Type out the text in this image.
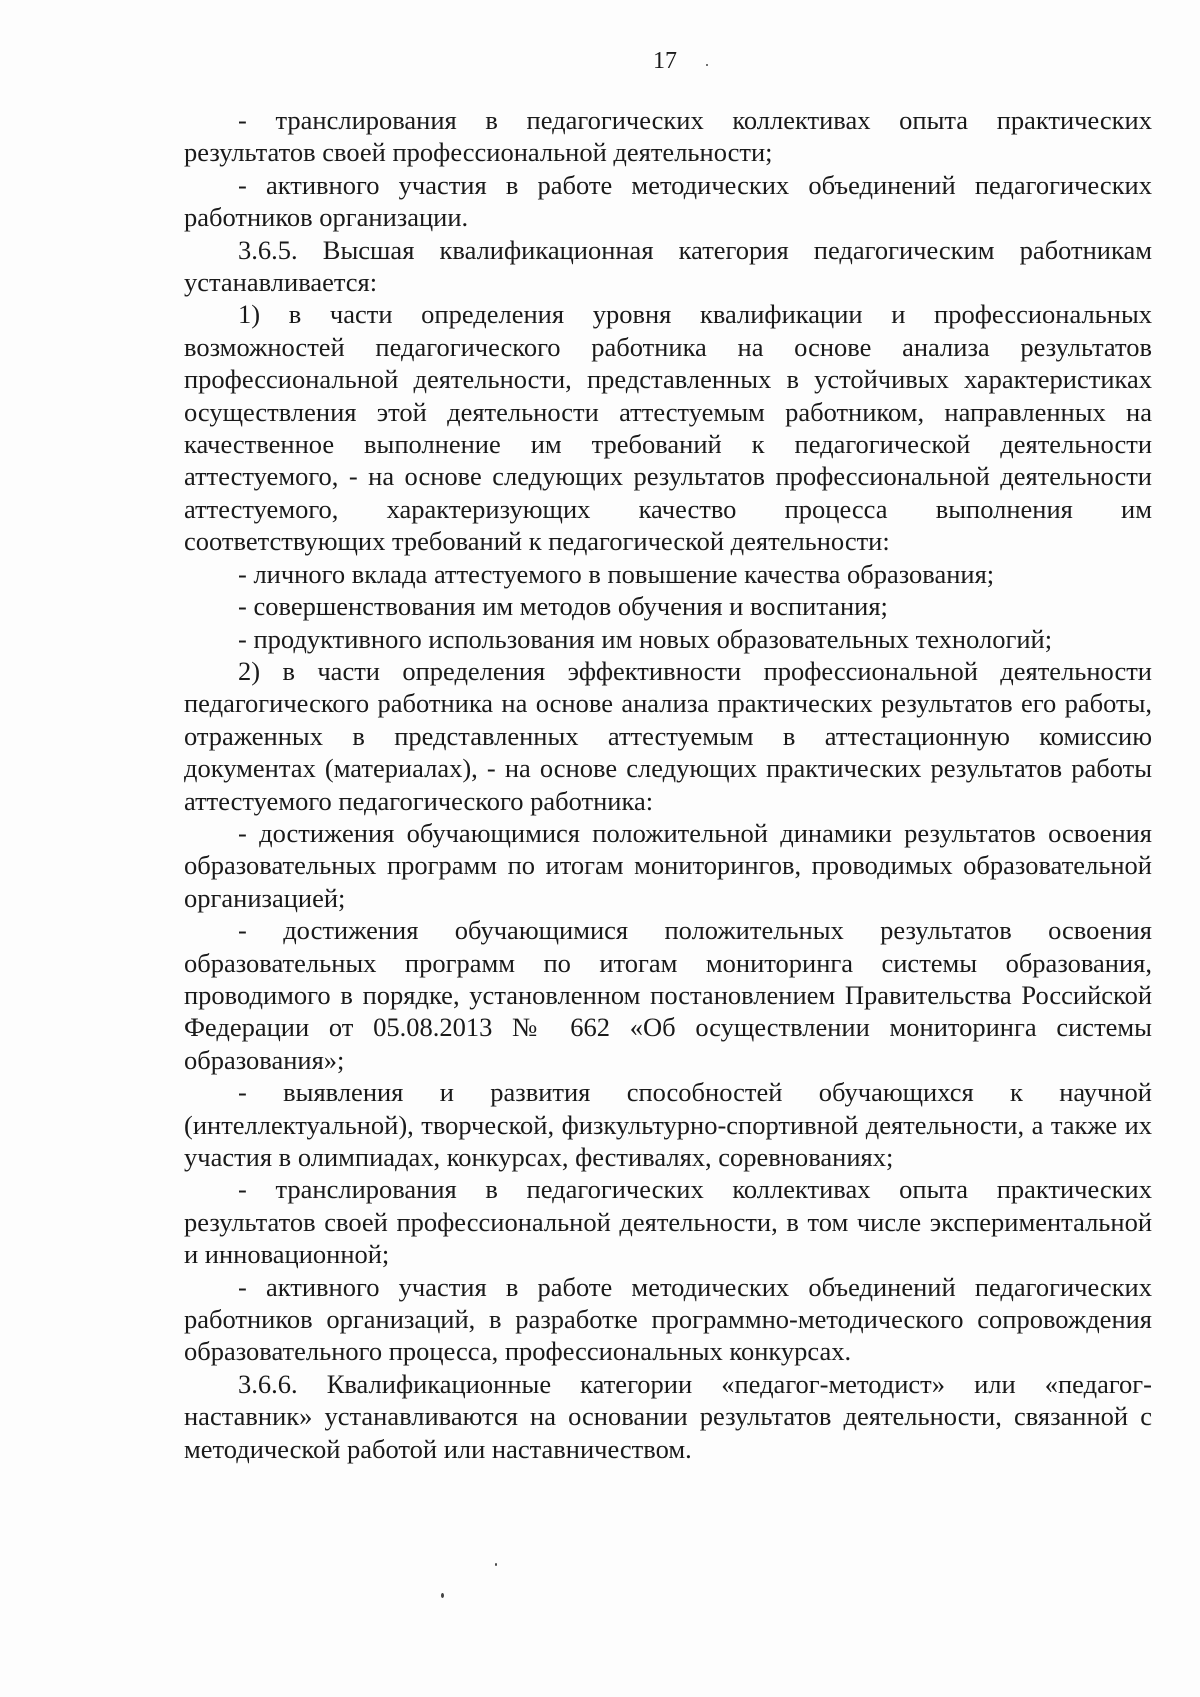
17

- транслирования в педагогических коллективах опыта практических результатов своей профессиональной деятельности;

- активного участия в работе методических объединений педагогических работников организации.

3.6.5. Высшая квалификационная категория педагогическим работникам устанавливается:

1) в части определения уровня квалификации и профессиональных возможностей педагогического работника на основе анализа результатов профессиональной деятельности, представленных в устойчивых характеристиках осуществления этой деятельности аттестуемым работником, направленных на качественное выполнение им требований к педагогической деятельности аттестуемого, - на основе следующих результатов профессиональной деятельности аттестуемого, характеризующих качество процесса выполнения им соответствующих требований к педагогической деятельности:

- личного вклада аттестуемого в повышение качества образования;

- совершенствования им методов обучения и воспитания;

- продуктивного использования им новых образовательных технологий;

2) в части определения эффективности профессиональной деятельности педагогического работника на основе анализа практических результатов его работы, отраженных в представленных аттестуемым в аттестационную комиссию документах (материалах), - на основе следующих практических результатов работы аттестуемого педагогического работника:

- достижения обучающимися положительной динамики результатов освоения образовательных программ по итогам мониторингов, проводимых образовательной организацией;

- достижения обучающимися положительных результатов освоения образовательных программ по итогам мониторинга системы образования, проводимого в порядке, установленном постановлением Правительства Российской Федерации от 05.08.2013 № 662 «Об осуществлении мониторинга системы образования»;

- выявления и развития способностей обучающихся к научной (интеллектуальной), творческой, физкультурно-спортивной деятельности, а также их участия в олимпиадах, конкурсах, фестивалях, соревнованиях;

- транслирования в педагогических коллективах опыта практических результатов своей профессиональной деятельности, в том числе экспериментальной и инновационной;

- активного участия в работе методических объединений педагогических работников организаций, в разработке программно-методического сопровождения образовательного процесса, профессиональных конкурсах.

3.6.6. Квалификационные категории «педагог-методист» или «педагог-наставник» устанавливаются на основании результатов деятельности, связанной с методической работой или наставничеством.
